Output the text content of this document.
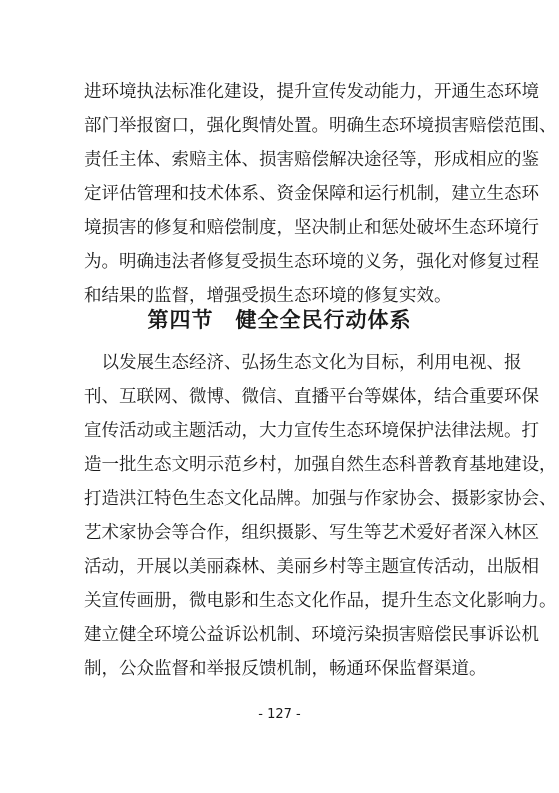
进环境执法标准化建设，提升宣传发动能力，开通生态环境
部门举报窗口，强化舆情处置。明确生态环境损害赔偿范围、
责任主体、索赔主体、损害赔偿解决途径等，形成相应的鉴
定评估管理和技术体系、资金保障和运行机制，建立生态环
境损害的修复和赔偿制度，坚决制止和惩处破坏生态环境行
为。明确违法者修复受损生态环境的义务，强化对修复过程
和结果的监督，增强受损生态环境的修复实效。
第四节　健全全民行动体系
　以发展生态经济、弘扬生态文化为目标，利用电视、报
刊、互联网、微博、微信、直播平台等媒体，结合重要环保
宣传活动或主题活动，大力宣传生态环境保护法律法规。打
造一批生态文明示范乡村，加强自然生态科普教育基地建设，
打造洪江特色生态文化品牌。加强与作家协会、摄影家协会、
艺术家协会等合作，组织摄影、写生等艺术爱好者深入林区
活动，开展以美丽森林、美丽乡村等主题宣传活动，出版相
关宣传画册，微电影和生态文化作品，提升生态文化影响力。
建立健全环境公益诉讼机制、环境污染损害赔偿民事诉讼机
制，公众监督和举报反馈机制，畅通环保监督渠道。
- 127 -
